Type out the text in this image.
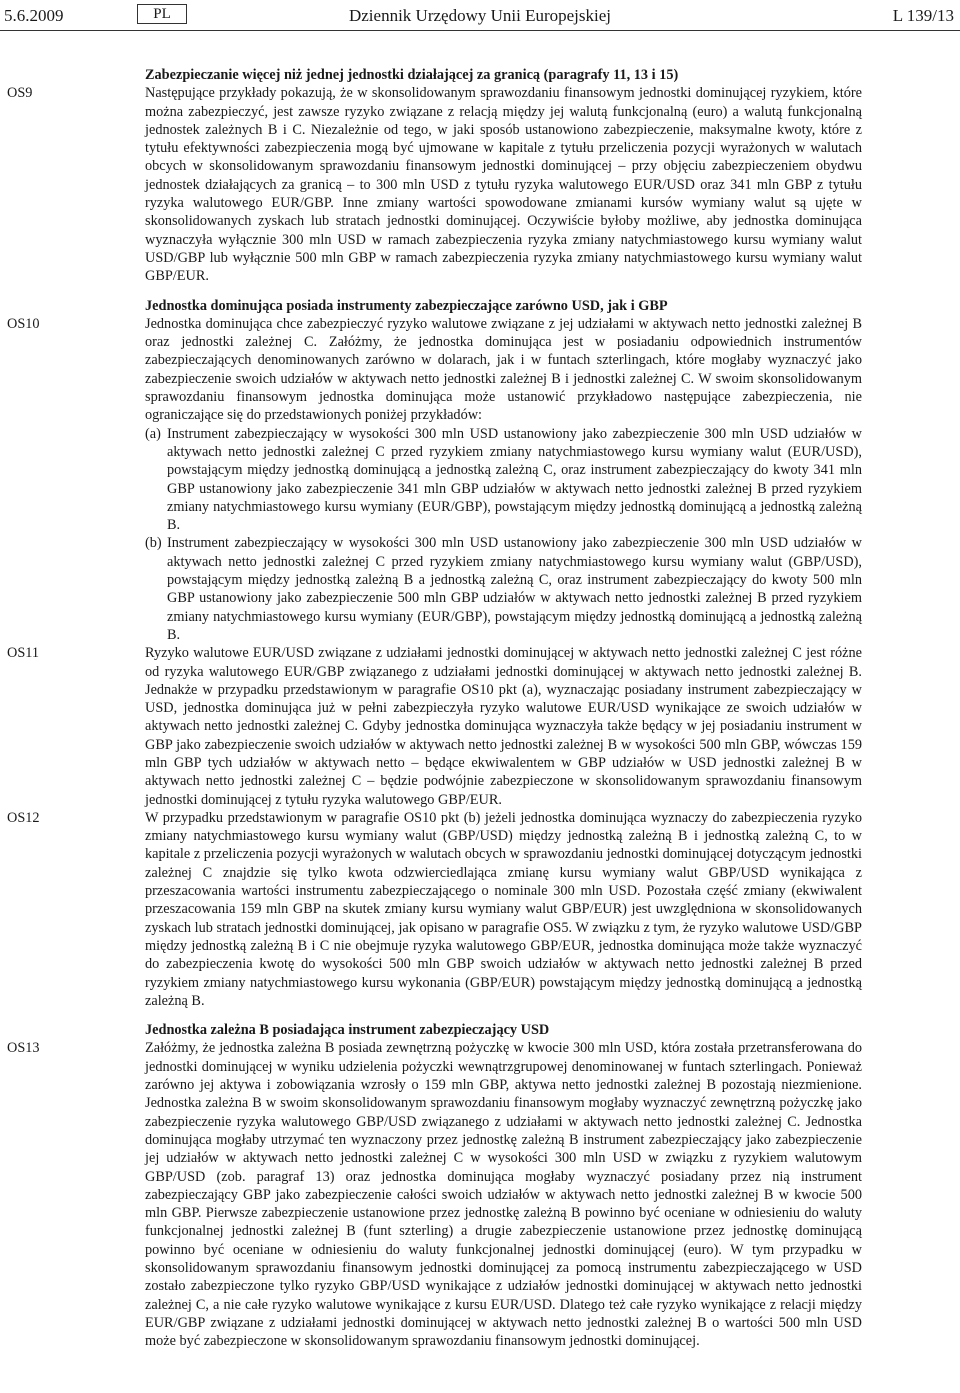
5.6.2009	PL	Dziennik Urzędowy Unii Europejskiej	L 139/13
Zabezpieczanie więcej niż jednej jednostki działającej za granicą (paragrafy 11, 13 i 15)
OS9	Następujące przykłady pokazują, że w skonsolidowanym sprawozdaniu finansowym jednostki dominującej ryzykiem, które można zabezpieczyć, jest zawsze ryzyko związane z relacją między jej walutą funkcjonalną (euro) a walutą funkcjonalną jednostek zależnych B i C. Niezależnie od tego, w jaki sposób ustanowiono zabezpieczenie, maksymalne kwoty, które z tytułu efektywności zabezpieczenia mogą być ujmowane w kapitale z tytułu przeliczenia pozycji wyrażonych w walutach obcych w skonsolidowanym sprawozdaniu finansowym jednostki dominującej – przy objęciu zabezpieczeniem obydwu jednostek działających za granicą – to 300 mln USD z tytułu ryzyka walutowego EUR/USD oraz 341 mln GBP z tytułu ryzyka walutowego EUR/GBP. Inne zmiany wartości spowodowane zmianami kursów wymiany walut są ujęte w skonsolidowanych zyskach lub stratach jednostki dominującej. Oczywiście byłoby możliwe, aby jednostka dominująca wyznaczyła wyłącznie 300 mln USD w ramach zabezpieczenia ryzyka zmiany natychmiastowego kursu wymiany walut USD/GBP lub wyłącznie 500 mln GBP w ramach zabezpieczenia ryzyka zmiany natychmiastowego kursu wymiany walut GBP/EUR.

Jednostka dominująca posiada instrumenty zabezpieczające zarówno USD, jak i GBP
OS10	Jednostka dominująca chce zabezpieczyć ryzyko walutowe związane z jej udziałami w aktywach netto jednostki zależnej B oraz jednostki zależnej C. Załóżmy, że jednostka dominująca jest w posiadaniu odpowiednich instrumentów zabezpieczających denominowanych zarówno w dolarach, jak i w funtach szterlingach, które mogłaby wyznaczyć jako zabezpieczenie swoich udziałów w aktywach netto jednostki zależnej B i jednostki zależnej C. W swoim skonsolidowanym sprawozdaniu finansowym jednostka dominująca może ustanowić przykładowo następujące zabezpieczenia, nie ograniczające się do przedstawionych poniżej przykładów:

(a) Instrument zabezpieczający w wysokości 300 mln USD ustanowiony jako zabezpieczenie 300 mln USD udziałów w aktywach netto jednostki zależnej C przed ryzykiem zmiany natychmiastowego kursu wymiany walut (EUR/USD), powstającym między jednostką dominującą a jednostką zależną C, oraz instrument zabezpieczający do kwoty 341 mln GBP ustanowiony jako zabezpieczenie 341 mln GBP udziałów w aktywach netto jednostki zależnej B przed ryzykiem zmiany natychmiastowego kursu wymiany (EUR/GBP), powstającym między jednostką dominującą a jednostką zależną B.
(b) Instrument zabezpieczający w wysokości 300 mln USD ustanowiony jako zabezpieczenie 300 mln USD udziałów w aktywach netto jednostki zależnej C przed ryzykiem zmiany natychmiastowego kursu wymiany walut (GBP/USD), powstającym między jednostką zależną B a jednostką zależną C, oraz instrument zabezpieczający do kwoty 500 mln GBP ustanowiony jako zabezpieczenie 500 mln GBP udziałów w aktywach netto jednostki zależnej B przed ryzykiem zmiany natychmiastowego kursu wymiany (EUR/GBP), powstającym między jednostką dominującą a jednostką zależną B.
OS11	Ryzyko walutowe EUR/USD związane z udziałami jednostki dominującej w aktywach netto jednostki zależnej C jest różne od ryzyka walutowego EUR/GBP związanego z udziałami jednostki dominującej w aktywach netto jednostki zależnej B. Jednakże w przypadku przedstawionym w paragrafie OS10 pkt (a), wyznaczając posiadany instrument zabezpieczający w USD, jednostka dominująca już w pełni zabezpieczyła ryzyko walutowe EUR/USD wynikające ze swoich udziałów w aktywach netto jednostki zależnej C. Gdyby jednostka dominująca wyznaczyła także będący w jej posiadaniu instrument w GBP jako zabezpieczenie swoich udziałów w aktywach netto jednostki zależnej B w wysokości 500 mln GBP, wówczas 159 mln GBP tych udziałów w aktywach netto – będące ekwiwalentem w GBP udziałów w USD jednostki zależnej B w aktywach netto jednostki zależnej C – będzie podwójnie zabezpieczone w skonsolidowanym sprawozdaniu finansowym jednostki dominującej z tytułu ryzyka walutowego GBP/EUR.

OS12	W przypadku przedstawionym w paragrafie OS10 pkt (b) jeżeli jednostka dominująca wyznaczy do zabezpieczenia ryzyko zmiany natychmiastowego kursu wymiany walut (GBP/USD) między jednostką zależną B i jednostką zależną C, to w kapitale z przeliczenia pozycji wyrażonych w walutach obcych w sprawozdaniu jednostki dominującej dotyczącym jednostki zależnej C znajdzie się tylko kwota odzwierciedlająca zmianę kursu wymiany walut GBP/USD wynikająca z przeszacowania wartości instrumentu zabezpieczającego o nominale 300 mln USD. Pozostała część zmiany (ekwiwalent przeszacowania 159 mln GBP na skutek zmiany kursu wymiany walut GBP/EUR) jest uwzględniona w skonsolidowanych zyskach lub stratach jednostki dominującej, jak opisano w paragrafie OS5. W związku z tym, że ryzyko walutowe USD/GBP między jednostką zależną B i C nie obejmuje ryzyka walutowego GBP/EUR, jednostka dominująca może także wyznaczyć do zabezpieczenia kwotę do wysokości 500 mln GBP swoich udziałów w aktywach netto jednostki zależnej B przed ryzykiem zmiany natychmiastowego kursu wykonania (GBP/EUR) powstającym między jednostką dominującą a jednostką zależną B.

Jednostka zależna B posiadająca instrument zabezpieczający USD
OS13	Załóżmy, że jednostka zależna B posiada zewnętrzną pożyczkę w kwocie 300 mln USD, która została przetransferowana do jednostki dominującej w wyniku udzielenia pożyczki wewnątrzgrupowej denominowanej w funtach szterlingach. Ponieważ zarówno jej aktywa i zobowiązania wzrosły o 159 mln GBP, aktywa netto jednostki zależnej B pozostają niezmienione. Jednostka zależna B w swoim skonsolidowanym sprawozdaniu finansowym mogłaby wyznaczyć zewnętrzną pożyczkę jako zabezpieczenie ryzyka walutowego GBP/USD związanego z udziałami w aktywach netto jednostki zależnej C. Jednostka dominująca mogłaby utrzymać ten wyznaczony przez jednostkę zależną B instrument zabezpieczający jako zabezpieczenie jej udziałów w aktywach netto jednostki zależnej C w wysokości 300 mln USD w związku z ryzykiem walutowym GBP/USD (zob. paragraf 13) oraz jednostka dominująca mogłaby wyznaczyć posiadany przez nią instrument zabezpieczający GBP jako zabezpieczenie całości swoich udziałów w aktywach netto jednostki zależnej B w kwocie 500 mln GBP. Pierwsze zabezpieczenie ustanowione przez jednostkę zależną B powinno być oceniane w odniesieniu do waluty funkcjonalnej jednostki zależnej B (funt szterling) a drugie zabezpieczenie ustanowione przez jednostkę dominującą powinno być oceniane w odniesieniu do waluty funkcjonalnej jednostki dominującej (euro). W tym przypadku w skonsolidowanym sprawozdaniu finansowym jednostki dominującej za pomocą instrumentu zabezpieczającego w USD zostało zabezpieczone tylko ryzyko GBP/USD wynikające z udziałów jednostki dominującej w aktywach netto jednostki zależnej C, a nie całe ryzyko walutowe wynikające z kursu EUR/USD. Dlatego też całe ryzyko wynikające z relacji między EUR/GBP związane z udziałami jednostki dominującej w aktywach netto jednostki zależnej B o wartości 500 mln USD może być zabezpieczone w skonsolidowanym sprawozdaniu finansowym jednostki dominującej.
